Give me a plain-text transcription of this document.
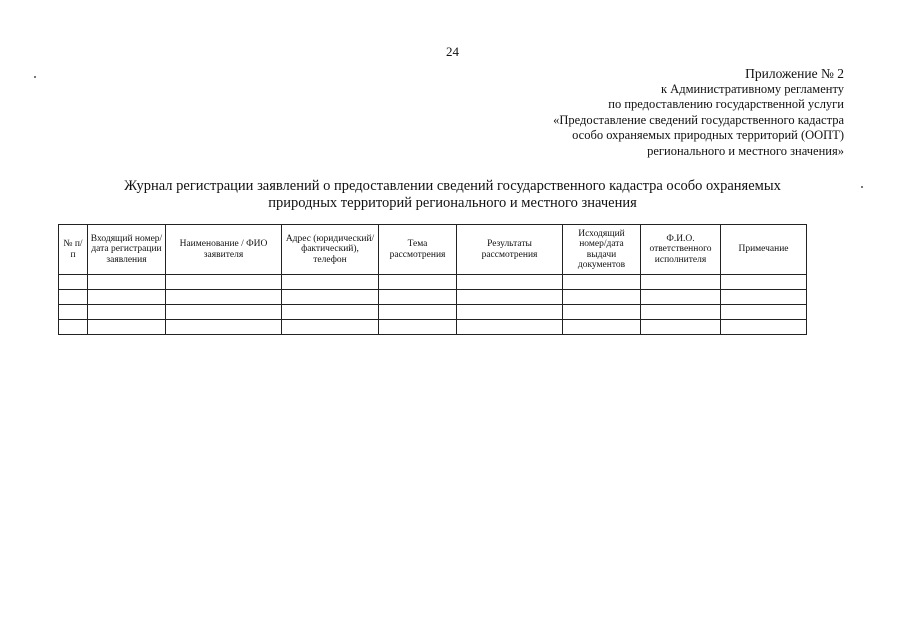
24
Приложение № 2
к Административному регламенту
по предоставлению государственной услуги
«Предоставление сведений государственного кадастра
особо охраняемых природных территорий (ООПТ)
регионального и местного значения»
Журнал регистрации заявлений о предоставлении сведений государственного кадастра особо охраняемых
природных территорий регионального и местного значения
№ п/п	Входящий номер/дата регистрации заявления	Наименование / ФИО заявителя	Адрес (юридический/ фактический), телефон	Тема рассмотрения	Результаты рассмотрения	Исходящий номер/дата выдачи документов	Ф.И.О. ответственного исполнителя	Примечание
